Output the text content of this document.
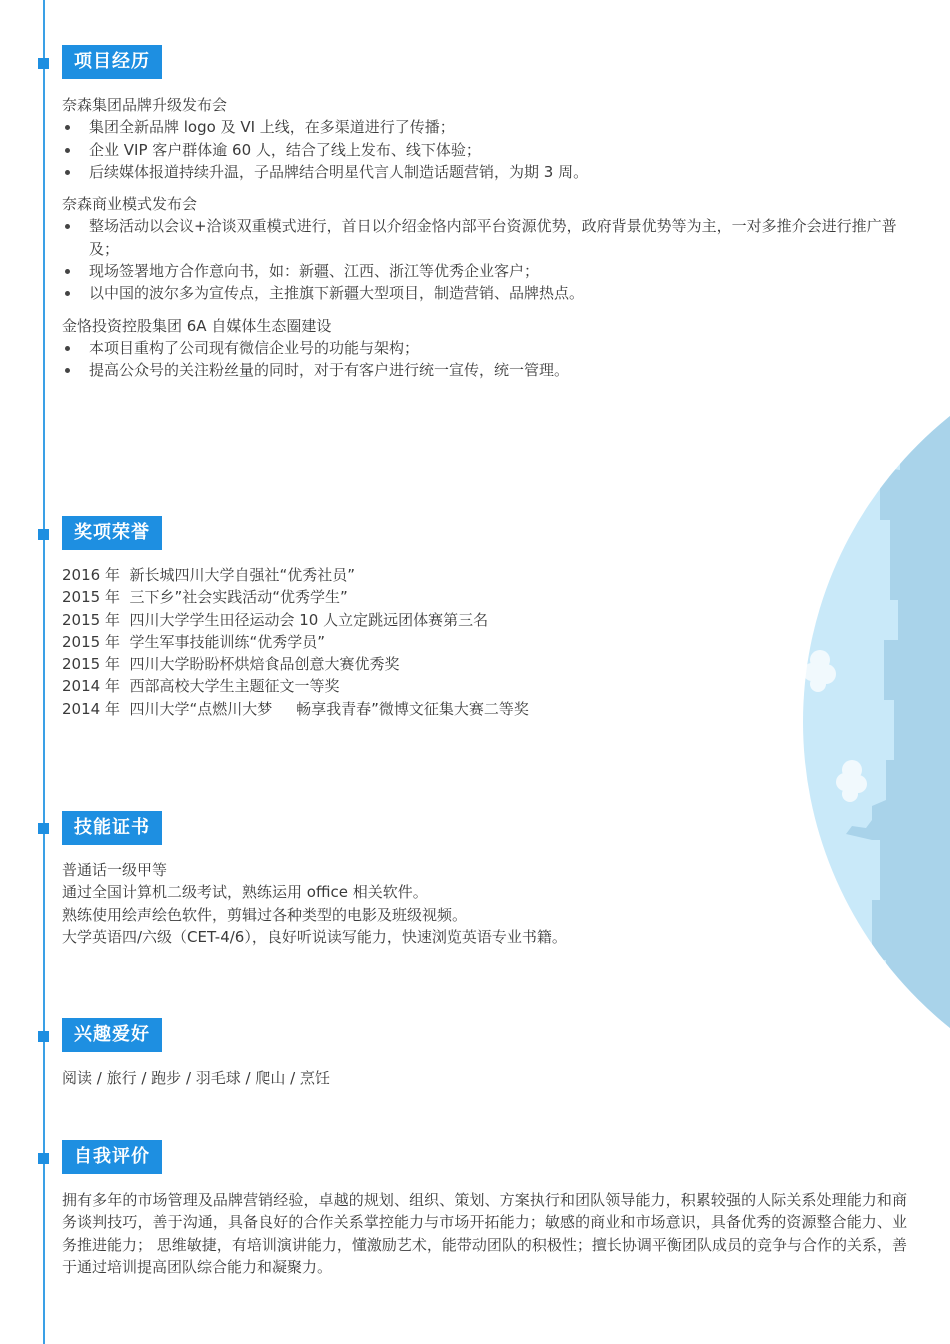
项目经历

奈森集团品牌升级发布会

集团全新品牌 logo 及 VI 上线，在多渠道进行了传播；
企业 VIP 客户群体逾 60 人，结合了线上发布、线下体验；
后续媒体报道持续升温，子品牌结合明星代言人制造话题营销，为期 3 周。

奈森商业模式发布会

整场活动以会议+洽谈双重模式进行，首日以介绍金恪内部平台资源优势，政府背景优势等为主，一对多推介会进行推广普及；
现场签署地方合作意向书，如：新疆、江西、浙江等优秀企业客户；
以中国的波尔多为宣传点，主推旗下新疆大型项目，制造营销、品牌热点。

金恪投资控股集团 6A 自媒体生态圈建设

本项目重构了公司现有微信企业号的功能与架构；
提高公众号的关注粉丝量的同时，对于有客户进行统一宣传，统一管理。
奖项荣誉

2016 年  新长城四川大学自强社“优秀社员”

2015 年  三下乡”社会实践活动“优秀学生”

2015 年  四川大学学生田径运动会 10 人立定跳远团体赛第三名

2015 年  学生军事技能训练“优秀学员”

2015 年  四川大学盼盼杯烘焙食品创意大赛优秀奖

2014 年  西部高校大学生主题征文一等奖

2014 年  四川大学“点燃川大梦     畅享我青春”微博文征集大赛二等奖

技能证书

普通话一级甲等

通过全国计算机二级考试，熟练运用 office 相关软件。

熟练使用绘声绘色软件，剪辑过各种类型的电影及班级视频。

大学英语四/六级（CET-4/6），良好听说读写能力，快速浏览英语专业书籍。

兴趣爱好

阅读 / 旅行 / 跑步 / 羽毛球 / 爬山 / 烹饪

自我评价

拥有多年的市场管理及品牌营销经验，卓越的规划、组织、策划、方案执行和团队领导能力，积累较强的人际关系处理能力和商务谈判技巧，善于沟通，具备良好的合作关系掌控能力与市场开拓能力；敏感的商业和市场意识，具备优秀的资源整合能力、业务推进能力； 思维敏捷，有培训演讲能力，懂激励艺术，能带动团队的积极性；擅长协调平衡团队成员的竞争与合作的关系，善于通过培训提高团队综合能力和凝聚力。
